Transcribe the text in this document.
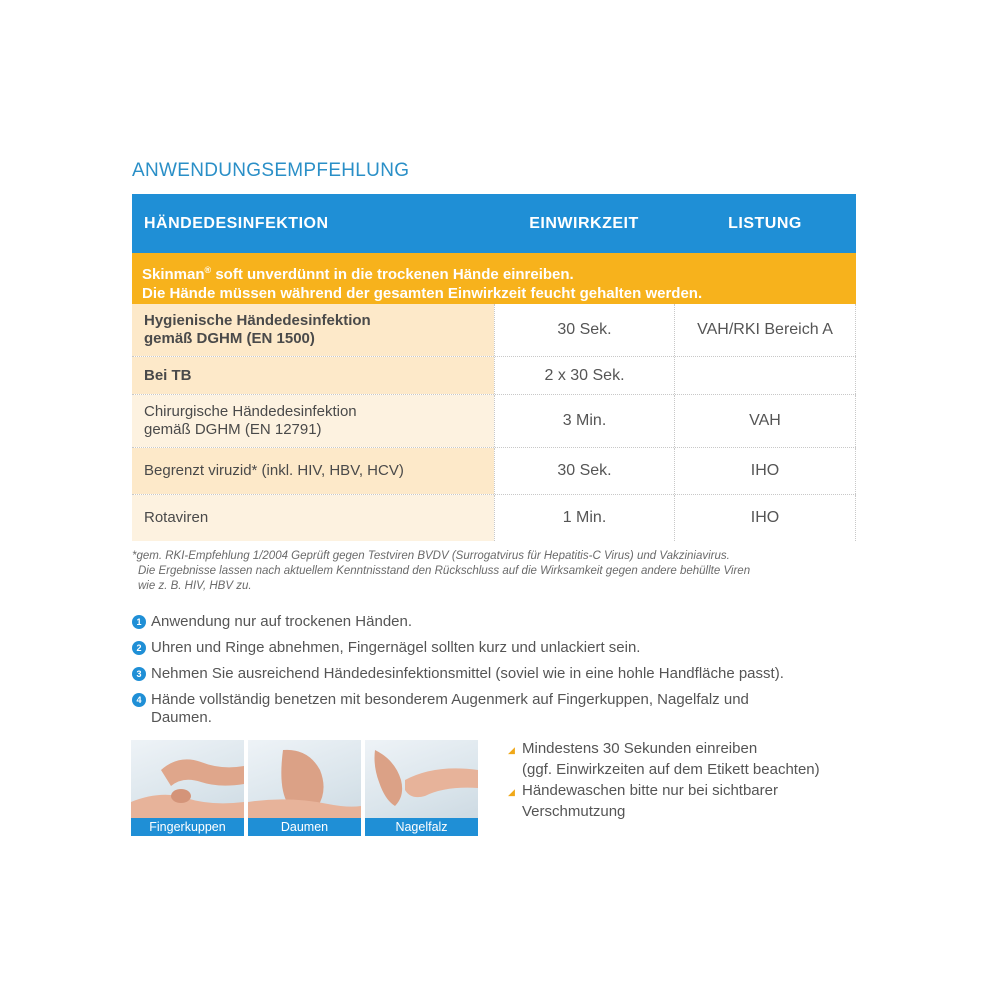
ANWENDUNGSEMPFEHLUNG
HÄNDEDESINFEKTION	EINWIRKZEIT	LISTUNG
Skinman® soft unverdünnt in die trockenen Hände einreiben.
Die Hände müssen während der gesamten Einwirkzeit feucht gehalten werden.
Hygienische Händedesinfektion
gemäß DGHM (EN 1500)
30 Sek.	VAH/RKI Bereich A
Bei TB	2 x 30 Sek.
Chirurgische Händedesinfektion
gemäß DGHM (EN 12791)
3 Min.	VAH
Begrenzt viruzid* (inkl. HIV, HBV, HCV)	30 Sek.	IHO
Rotaviren	1 Min.	IHO
*gem. RKI-Empfehlung 1/2004 Geprüft gegen Testviren BVDV (Surrogatvirus für Hepatitis-C Virus) und Vakziniavirus.
Die Ergebnisse lassen nach aktuellem Kenntnisstand den Rückschluss auf die Wirksamkeit gegen andere behüllte Viren
wie z. B. HIV, HBV zu.
1 Anwendung nur auf trockenen Händen.
2 Uhren und Ringe abnehmen, Fingernägel sollten kurz und unlackiert sein.
3 Nehmen Sie ausreichend Händedesinfektionsmittel (soviel wie in eine hohle Handfläche passt).
4 Hände vollständig benetzen mit besonderem Augenmerk auf Fingerkuppen, Nagelfalz und
Daumen.
Fingerkuppen	Daumen	Nagelfalz
◢ Mindestens 30 Sekunden einreiben
(ggf. Einwirkzeiten auf dem Etikett beachten)
◢ Händewaschen bitte nur bei sichtbarer
Verschmutzung
